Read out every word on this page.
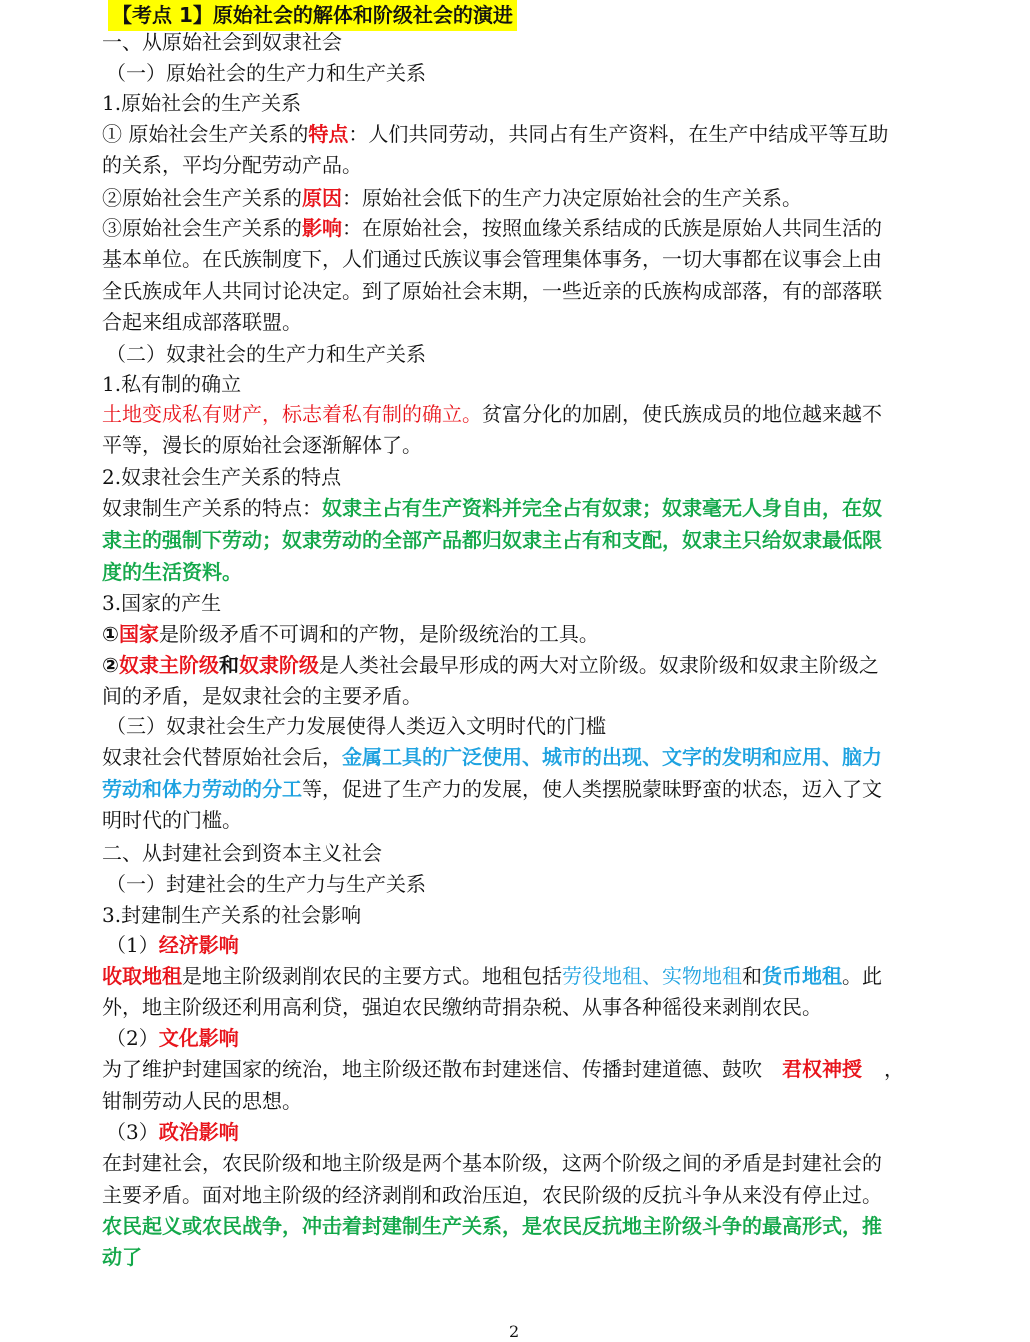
【考点 1】原始社会的解体和阶级社会的演进
一、从原始社会到奴隶社会
（一）原始社会的生产力和生产关系
1.原始社会的生产关系
① 原始社会生产关系的特点：人们共同劳动，共同占有生产资料，在生产中结成平等互助
的关系，平均分配劳动产品。
②原始社会生产关系的原因：原始社会低下的生产力决定原始社会的生产关系。
③原始社会生产关系的影响：在原始社会，按照血缘关系结成的氏族是原始人共同生活的
基本单位。在氏族制度下，人们通过氏族议事会管理集体事务，一切大事都在议事会上由
全氏族成年人共同讨论决定。到了原始社会末期，一些近亲的氏族构成部落，有的部落联
合起来组成部落联盟。
（二）奴隶社会的生产力和生产关系
1.私有制的确立
土地变成私有财产，标志着私有制的确立。贫富分化的加剧，使氏族成员的地位越来越不
平等，漫长的原始社会逐渐解体了。
2.奴隶社会生产关系的特点
奴隶制生产关系的特点：奴隶主占有生产资料并完全占有奴隶；奴隶毫无人身自由，在奴
隶主的强制下劳动；奴隶劳动的全部产品都归奴隶主占有和支配，奴隶主只给奴隶最低限
度的生活资料。
3.国家的产生
①国家是阶级矛盾不可调和的产物，是阶级统治的工具。
②奴隶主阶级和奴隶阶级是人类社会最早形成的两大对立阶级。奴隶阶级和奴隶主阶级之
间的矛盾，是奴隶社会的主要矛盾。
（三）奴隶社会生产力发展使得人类迈入文明时代的门槛
奴隶社会代替原始社会后，金属工具的广泛使用、城市的出现、文字的发明和应用、脑力
劳动和体力劳动的分工等，促进了生产力的发展，使人类摆脱蒙昧野蛮的状态，迈入了文
明时代的门槛。
二、从封建社会到资本主义社会
（一）封建社会的生产力与生产关系
3.封建制生产关系的社会影响
（1）经济影响
收取地租是地主阶级剥削农民的主要方式。地租包括劳役地租、实物地租和货币地租。此
外，地主阶级还利用高利贷，强迫农民缴纳苛捐杂税、从事各种徭役来剥削农民。
（2）文化影响
为了维护封建国家的统治，地主阶级还散布封建迷信、传播封建道德、鼓吹 君权神授 ，
钳制劳动人民的思想。
（3）政治影响
在封建社会，农民阶级和地主阶级是两个基本阶级，这两个阶级之间的矛盾是封建社会的
主要矛盾。面对地主阶级的经济剥削和政治压迫，农民阶级的反抗斗争从来没有停止过。
农民起义或农民战争，冲击着封建制生产关系，是农民反抗地主阶级斗争的最高形式，推
动了
2
